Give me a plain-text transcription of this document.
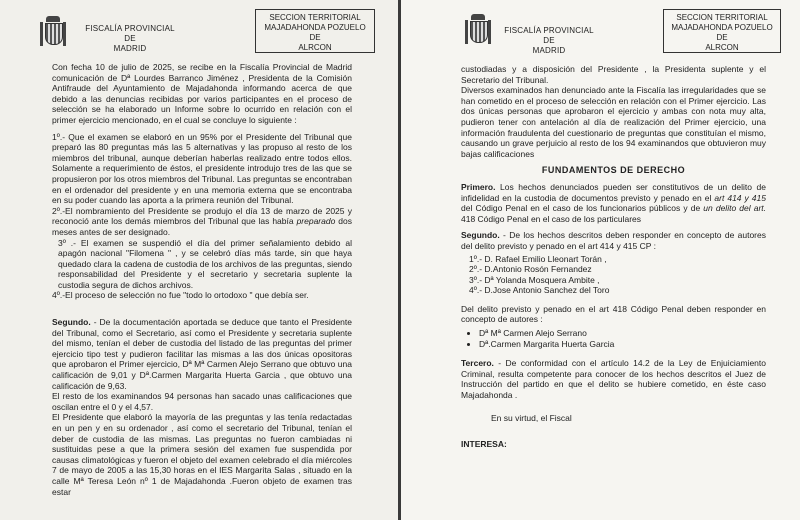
FISCALÍA PROVINCIAL DE
MADRID
SECCION TERRITORIAL
MAJADAHONDA POZUELO DE
ALRCON

Con fecha 10 de julio de 2025, se recibe en la Fiscalía Provincial de Madrid comunicación de Dª Lourdes Barranco Jiménez , Presidenta de la Comisión Antifraude del Ayuntamiento de Majadahonda informando acerca de que debido a las denuncias recibidas por varios participantes en el proceso de selección se ha elaborado un Informe sobre lo ocurrido en relación con el primer ejercicio mencionado, en el cual se concluye lo siguiente :

1º.- Que el examen se elaboró en un 95% por el Presidente del Tribunal que preparó las 80 preguntas más las 5 alternativas y las propuso al resto de los miembros del tribunal, aunque deberían haberlas realizado entre todos ellos. Solamente a requerimiento de éstos, el presidente introdujo tres de las que se propusieron por los otros miembros del Tribunal. Las preguntas se encontraban en el ordenador del presidente y en una memoria externa que se encontraba en su poder cuando las aporta a la primera reunión del Tribunal.

2º.-El nombramiento del Presidente se produjo el día 13 de marzo de 2025 y reconoció ante los demás miembros del Tribunal que las había preparado dos meses antes de ser designado.

3º .- El examen se suspendió el día del primer señalamiento debido al apagón nacional "Filomena " , y se celebró días más tarde, sin que haya quedado clara la cadena de custodia de los archivos de las preguntas, siendo responsabilidad del Presidente y el secretario y secretaria suplente la custodia segura de dichos archivos.

4º.-El proceso de selección no fue "todo lo ortodoxo " que debía ser.

Segundo. - De la documentación aportada se deduce que tanto el Presidente del Tribunal, como el Secretario, así como el Presidente y secretaria suplente del mismo, tenían el deber de custodia del listado de las preguntas del primer ejercicio tipo test y pudieron facilitar las mismas a las dos únicas opositoras que aprobaron el Primer ejercicio, Dª Mª Carmen Alejo Serrano que obtuvo una calificación de 9,01 y Dª.Carmen Margarita Huerta Garcia , que obtuvo una calificación de 9,63.

El resto de los examinandos 94 personas han sacado unas calificaciones que oscilan entre el 0 y el 4,57.

El Presidente que elaboró la mayoría de las preguntas y las tenía redactadas en un pen y en su ordenador , así como el secretario del Tribunal, tenían el deber de custodia de las mismas. Las preguntas no fueron cambiadas ni sustituidas pese a que la primera sesión del examen fue suspendida por causas climatológicas y fueron el objeto del examen celebrado el día miércoles 7 de mayo de 2005 a las 15,30 horas en el IES Margarita Salas , situado en la calle Mª Teresa León nº 1 de Majadahonda .Fueron objeto de examen tras estar

FISCALÍA PROVINCIAL DE
MADRID
SECCION TERRITORIAL
MAJADAHONDA POZUELO DE
ALRCON

custodiadas y a disposición del Presidente , la Presidenta suplente y el Secretario del Tribunal.

Diversos examinados han denunciado ante la Fiscalía las irregularidades que se han cometido en el proceso de selección en relación con el Primer ejercicio. Las dos únicas personas que aprobaron el ejercicio y ambas con nota muy alta, pudieron tener con antelación al día de realización del Primer ejercicio, una información fraudulenta del cuestionario de preguntas que constituían el mismo, causando un grave perjuicio al resto de los 94 examinandos que obtuvieron muy bajas calificaciones

FUNDAMENTOS DE DERECHO

Primero. Los hechos denunciados pueden ser constitutivos de un delito de infidelidad en la custodia de documentos previsto y penado en el art 414 y 415 del Código Penal en el caso de los funcionarios públicos y de un delito del art. 418 Código Penal en el caso de los particulares

Segundo. - De los hechos descritos deben responder en concepto de autores del delito previsto y penado en el art 414 y 415 CP :

1º.- D. Rafael Emilio Lleonart Torán ,
2º.- D.Antonio Rosón Fernandez
3º.- Dª Yolanda Mosquera Ambite ,
4º.- D.Jose Antonio Sanchez del Toro

Del delito previsto y penado en el art 418 Código Penal deben responder en concepto de autores :

• Dª Mª Carmen Alejo Serrano
• Dª.Carmen Margarita Huerta Garcia

Tercero. - De conformidad con el artículo 14.2 de la Ley de Enjuiciamiento Criminal, resulta competente para conocer de los hechos descritos el Juez de Instrucción del partido en que el delito se hubiere cometido, en éste caso Majadahonda .

En su virtud, el Fiscal

INTERESA:
